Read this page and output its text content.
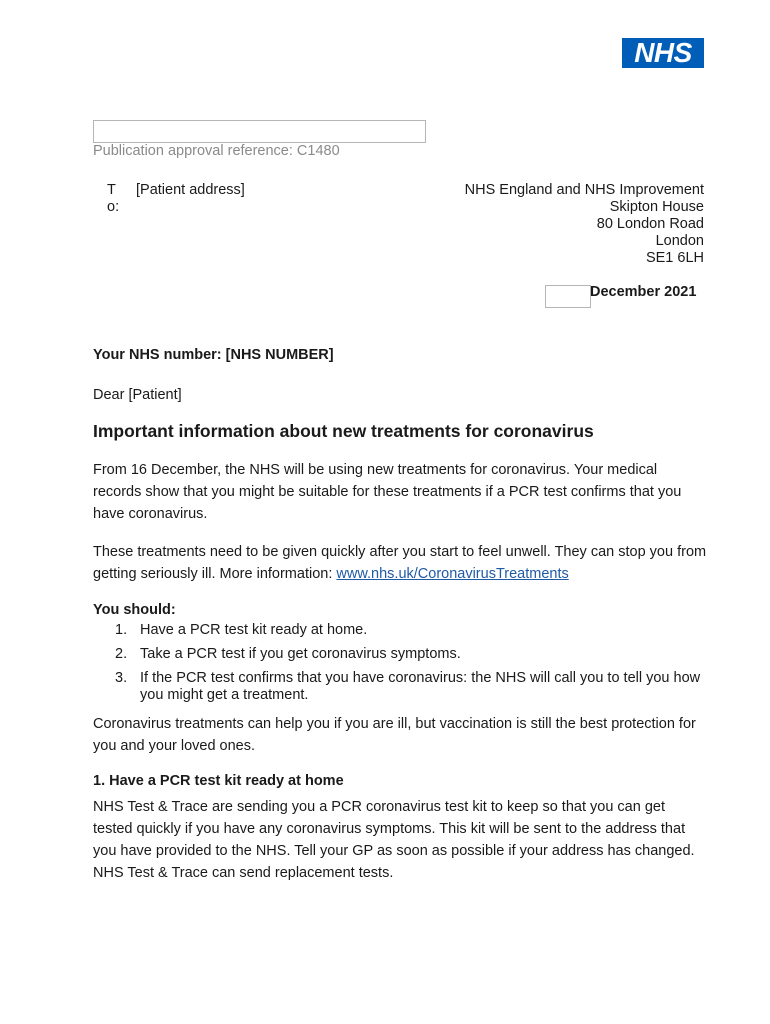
NHS
Publication approval reference: C1480
To:
[Patient address]	NHS England and NHS Improvement
Skipton House
80 London Road
London
SE1 6LH
December 2021
Your NHS number: [NHS NUMBER]
Dear [Patient]
Important information about new treatments for coronavirus
From 16 December, the NHS will be using new treatments for coronavirus. Your medical records show that you might be suitable for these treatments if a PCR test confirms that you have coronavirus.
These treatments need to be given quickly after you start to feel unwell. They can stop you from getting seriously ill. More information: www.nhs.uk/CoronavirusTreatments
You should:
1. Have a PCR test kit ready at home.
2. Take a PCR test if you get coronavirus symptoms.
3. If the PCR test confirms that you have coronavirus: the NHS will call you to tell you how you might get a treatment.
Coronavirus treatments can help you if you are ill, but vaccination is still the best protection for you and your loved ones.
1. Have a PCR test kit ready at home
NHS Test & Trace are sending you a PCR coronavirus test kit to keep so that you can get tested quickly if you have any coronavirus symptoms. This kit will be sent to the address that you have provided to the NHS. Tell your GP as soon as possible if your address has changed. NHS Test & Trace can send replacement tests.
